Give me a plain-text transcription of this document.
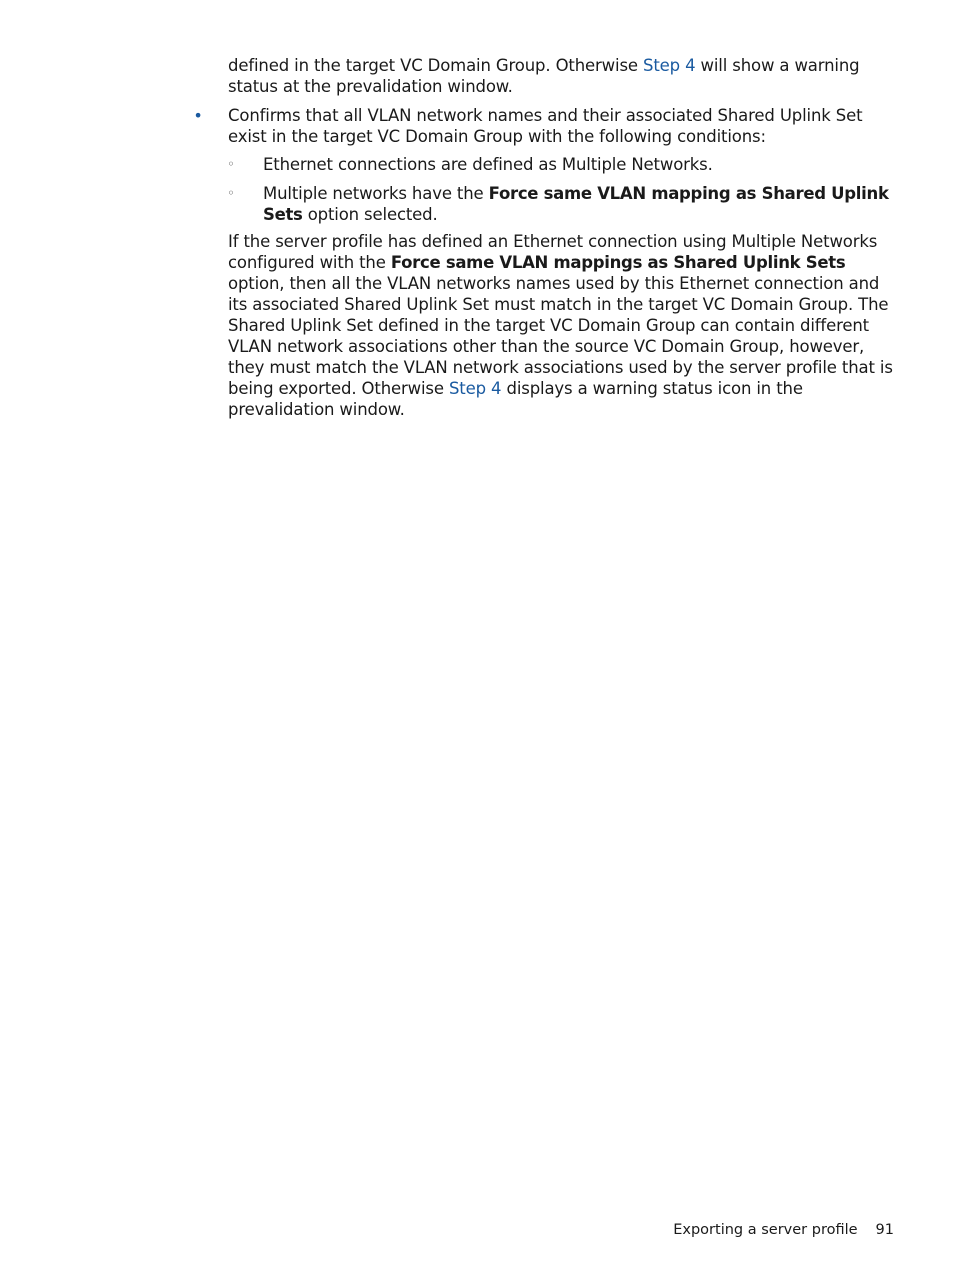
defined in the target VC Domain Group. Otherwise Step 4 will show a warning status at the prevalidation window.

• Confirms that all VLAN network names and their associated Shared Uplink Set exist in the target VC Domain Group with the following conditions:
◦ Ethernet connections are defined as Multiple Networks.
◦ Multiple networks have the Force same VLAN mapping as Shared Uplink Sets option selected.

If the server profile has defined an Ethernet connection using Multiple Networks configured with the Force same VLAN mappings as Shared Uplink Sets option, then all the VLAN networks names used by this Ethernet connection and its associated Shared Uplink Set must match in the target VC Domain Group. The Shared Uplink Set defined in the target VC Domain Group can contain different VLAN network associations other than the source VC Domain Group, however, they must match the VLAN network associations used by the server profile that is being exported. Otherwise Step 4 displays a warning status icon in the prevalidation window.

Exporting a server profile 91
